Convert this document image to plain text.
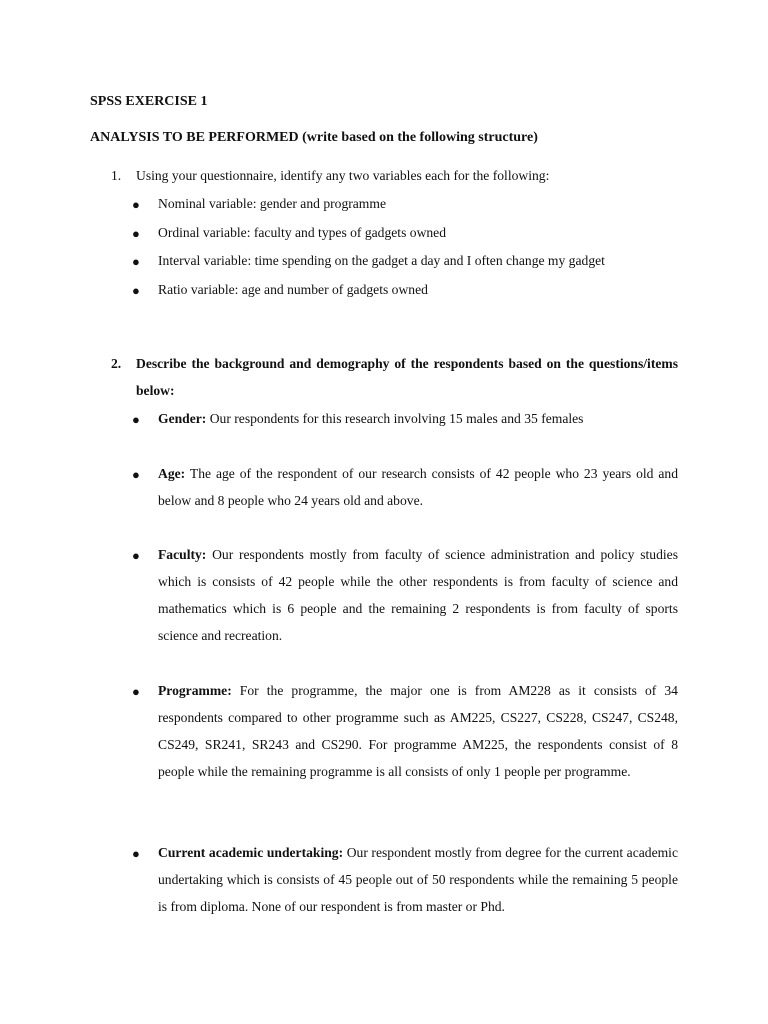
SPSS EXERCISE 1
ANALYSIS TO BE PERFORMED (write based on the following structure)
1. Using your questionnaire, identify any two variables each for the following:
● Nominal variable: gender and programme
● Ordinal variable: faculty and types of gadgets owned
● Interval variable: time spending on the gadget a day and I often change my gadget
● Ratio variable: age and number of gadgets owned
2. Describe the background and demography of the respondents based on the questions/items below:
● Gender: Our respondents for this research involving 15 males and 35 females
● Age: The age of the respondent of our research consists of 42 people who 23 years old and below and 8 people who 24 years old and above.
● Faculty: Our respondents mostly from faculty of science administration and policy studies which is consists of 42 people while the other respondents is from faculty of science and mathematics which is 6 people and the remaining 2 respondents is from faculty of sports science and recreation.
● Programme: For the programme, the major one is from AM228 as it consists of 34 respondents compared to other programme such as AM225, CS227, CS228, CS247, CS248, CS249, SR241, SR243 and CS290. For programme AM225, the respondents consist of 8 people while the remaining programme is all consists of only 1 people per programme.
● Current academic undertaking: Our respondent mostly from degree for the current academic undertaking which is consists of 45 people out of 50 respondents while the remaining 5 people is from diploma. None of our respondent is from master or Phd.
